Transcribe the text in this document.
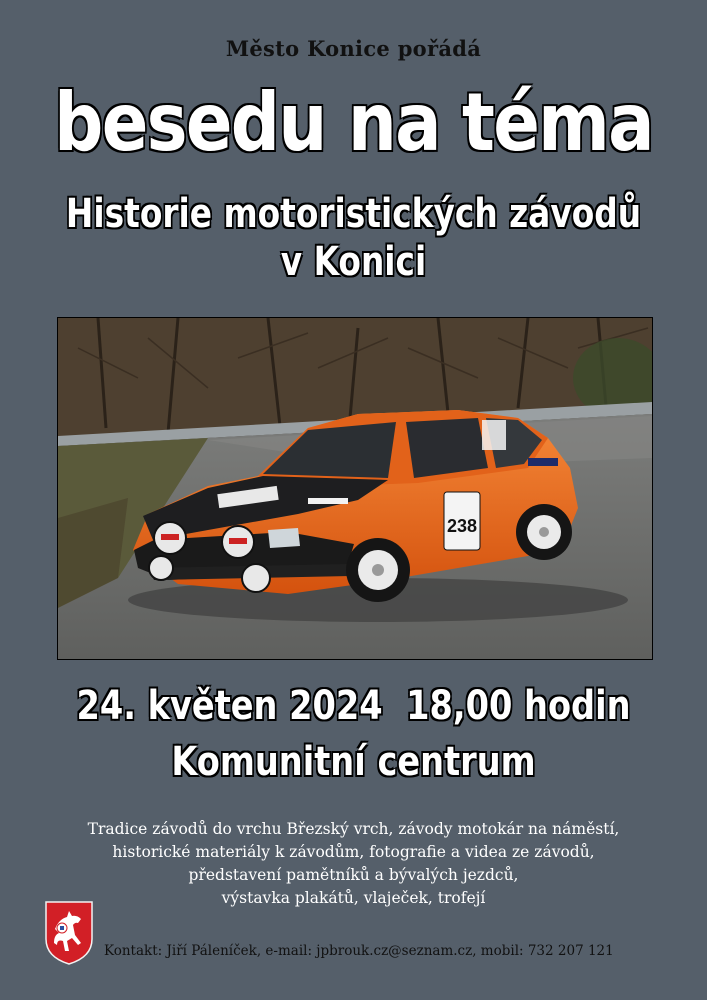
Město Konice pořádá
besedu na téma
Historie motoristických závodů
v Konici
238
24. květen 2024  18,00 hodin
Komunitní centrum
Tradice závodů do vrchu Březský vrch, závody motokár na náměstí,
historické materiály k závodům, fotografie a videa ze závodů,
představení pamětníků a bývalých jezdců,
výstavka plakátů, vlaječek, trofejí
Kontakt: Jiří Páleníček, e-mail: jpbrouk.cz@seznam.cz, mobil: 732 207 121
